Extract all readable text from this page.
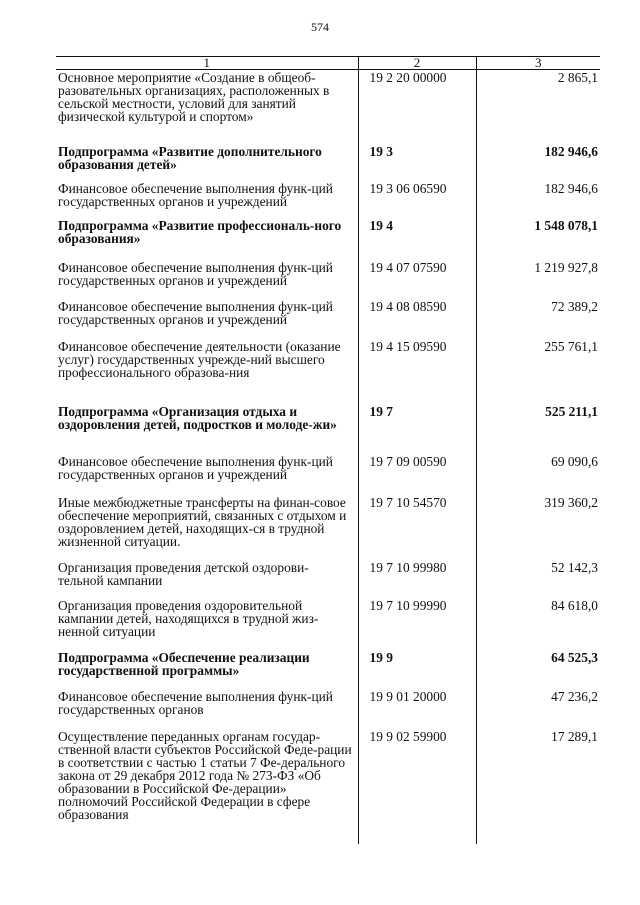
574
1	2	3
Основное мероприятие «Создание в общеоб-разовательных организациях, расположенных в сельской местности, условий для занятий физической культурой и спортом»	19 2 20 00000	2 865,1
Подпрограмма «Развитие дополнительного образования детей»	19 3	182 946,6
Финансовое обеспечение выполнения функ-ций государственных органов и учреждений	19 3 06 06590	182 946,6
Подпрограмма «Развитие профессиональ-ного образования»	19 4	1 548 078,1
Финансовое обеспечение выполнения функ-ций государственных органов и учреждений	19 4 07 07590	1 219 927,8
Финансовое обеспечение выполнения функ-ций государственных органов и учреждений	19 4 08 08590	72 389,2
Финансовое обеспечение деятельности (оказание услуг) государственных учрежде-ний высшего профессионального образова-ния	19 4 15 09590	255 761,1
Подпрограмма «Организация отдыха и оздоровления детей, подростков и молоде-жи»	19 7	525 211,1
Финансовое обеспечение выполнения функ-ций государственных органов и учреждений	19 7 09 00590	69 090,6
Иные межбюджетные трансферты на финан-совое обеспечение мероприятий, связанных с отдыхом и оздоровлением детей, находящих-ся в трудной жизненной ситуации.	19 7 10 54570	319 360,2
Организация проведения детской оздорови-тельной кампании	19 7 10 99980	52 142,3
Организация проведения оздоровительной кампании детей, находящихся в трудной жиз-ненной ситуации	19 7 10 99990	84 618,0
Подпрограмма «Обеспечение реализации государственной программы»	19 9	64 525,3
Финансовое обеспечение выполнения функ-ций государственных органов	19 9 01 20000	47 236,2
Осуществление переданных органам государ-ственной власти субъектов Российской Феде-рации в соответствии с частью 1 статьи 7 Фе-дерального закона от 29 декабря 2012 года № 273-ФЗ «Об образовании в Российской Фе-дерации» полномочий Российской Федерации в сфере образования	19 9 02 59900	17 289,1
